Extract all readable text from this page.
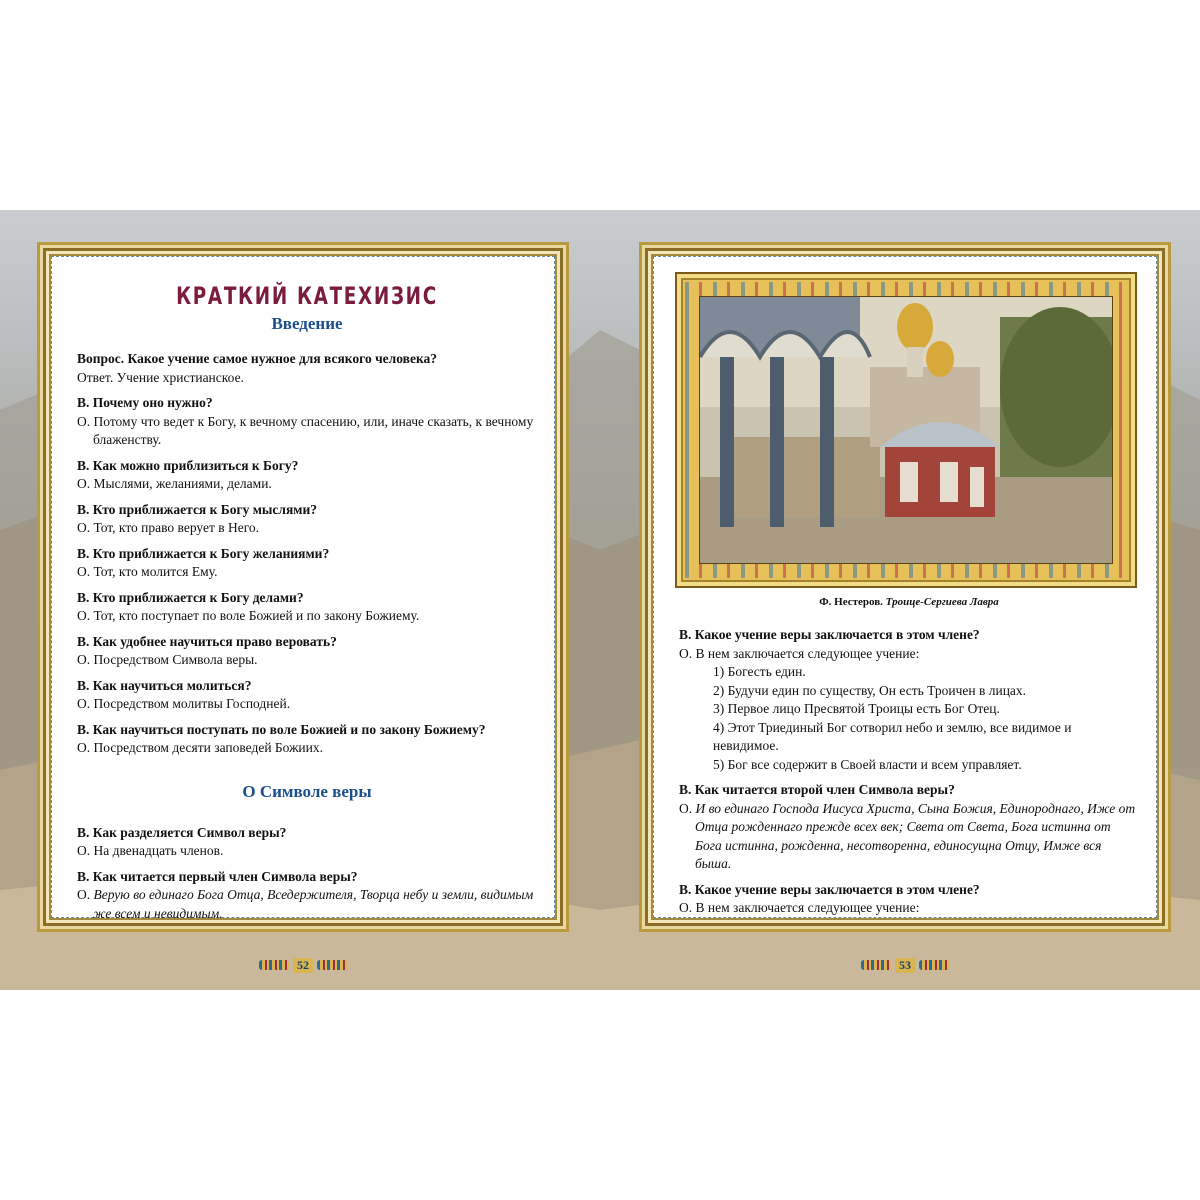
КРАТКИЙ КАТЕХИЗИС
Введение
Вопрос. Какое учение самое нужное для всякого человека?
Ответ. Учение христианское.
В. Почему оно нужно?
О. Потому что ведет к Богу, к вечному спасению, или, иначе сказать, к вечному блаженству.
В. Как можно приблизиться к Богу?
О. Мыслями, желаниями, делами.
В. Кто приближается к Богу мыслями?
О. Тот, кто право верует в Него.
В. Кто приближается к Богу желаниями?
О. Тот, кто молится Ему.
В. Кто приближается к Богу делами?
О. Тот, кто поступает по воле Божией и по закону Божиему.
В. Как удобнее научиться право веровать?
О. Посредством Символа веры.
В. Как научиться молиться?
О. Посредством молитвы Господней.
В. Как научиться поступать по воле Божией и по закону Божиему?
О. Посредством десяти заповедей Божиих.
О Символе веры
В. Как разделяется Символ веры?
О. На двенадцать членов.
В. Как читается первый член Символа веры?
О. Верую во единаго Бога Отца, Вседержителя, Творца небу и земли, видимым же всем и невидимым.
52
Ф. Нестеров. Троице-Сергиева Лавра
В. Какое учение веры заключается в этом члене?
О. В нем заключается следующее учение:
1) Богесть един.
2) Будучи един по существу, Он есть Троичен в лицах.
3) Первое лицо Пресвятой Троицы есть Бог Отец.
4) Этот Триединый Бог сотворил небо и землю, все видимое и невидимое.
5) Бог все содержит в Своей власти и всем управляет.
В. Как читается второй член Символа веры?
О. И во единаго Господа Иисуса Христа, Сына Божия, Единороднаго, Иже от Отца рожденнаго прежде всех век; Света от Света, Бога истинна от Бога истинна, рожденна, несотворенна, единосущна Отцу, Имже вся быша.
В. Какое учение веры заключается в этом члене?
О. В нем заключается следующее учение:
53
